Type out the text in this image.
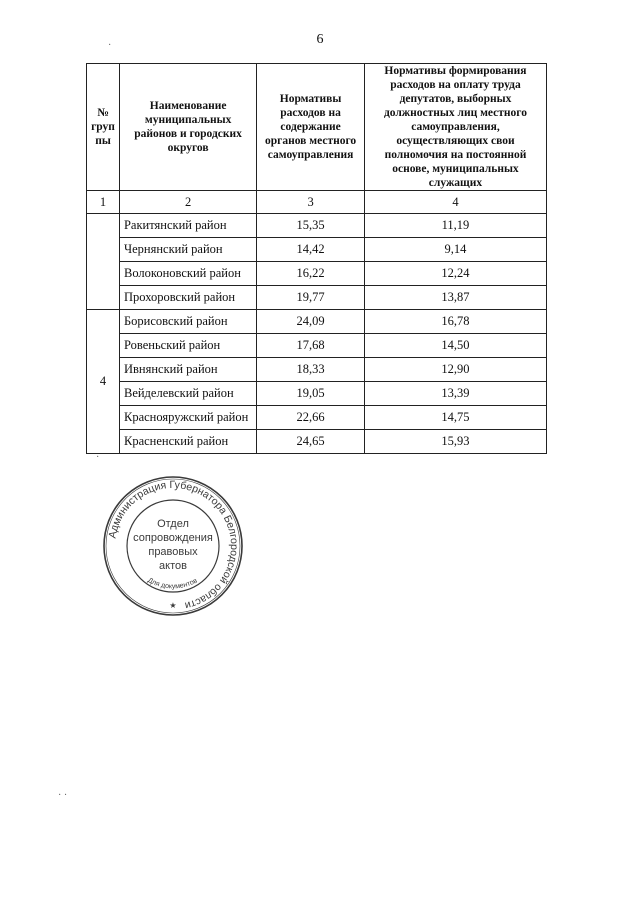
6
№ груп пы	Наименование муниципальных районов и городских округов	Нормативы расходов на содержание органов местного самоуправления	Нормативы формирования расходов на оплату труда депутатов, выборных должностных лиц местного самоуправления, осуществляющих свои полномочия на постоянной основе, муниципальных служащих
1	2	3	4
	Ракитянский район	15,35	11,19
	Чернянский район	14,42	9,14
	Волоконовский район	16,22	12,24
	Прохоровский район	19,77	13,87
4	Борисовский район	24,09	16,78
	Ровеньский район	17,68	14,50
	Ивнянский район	18,33	12,90
	Вейделевский район	19,05	13,39
	Краснояружский район	22,66	14,75
	Красненский район	24,65	15,93
Администрация Губернатора Белгородской области
Отдел
сопровождения
правовых
актов
Для документов
★
·
·
· ·
